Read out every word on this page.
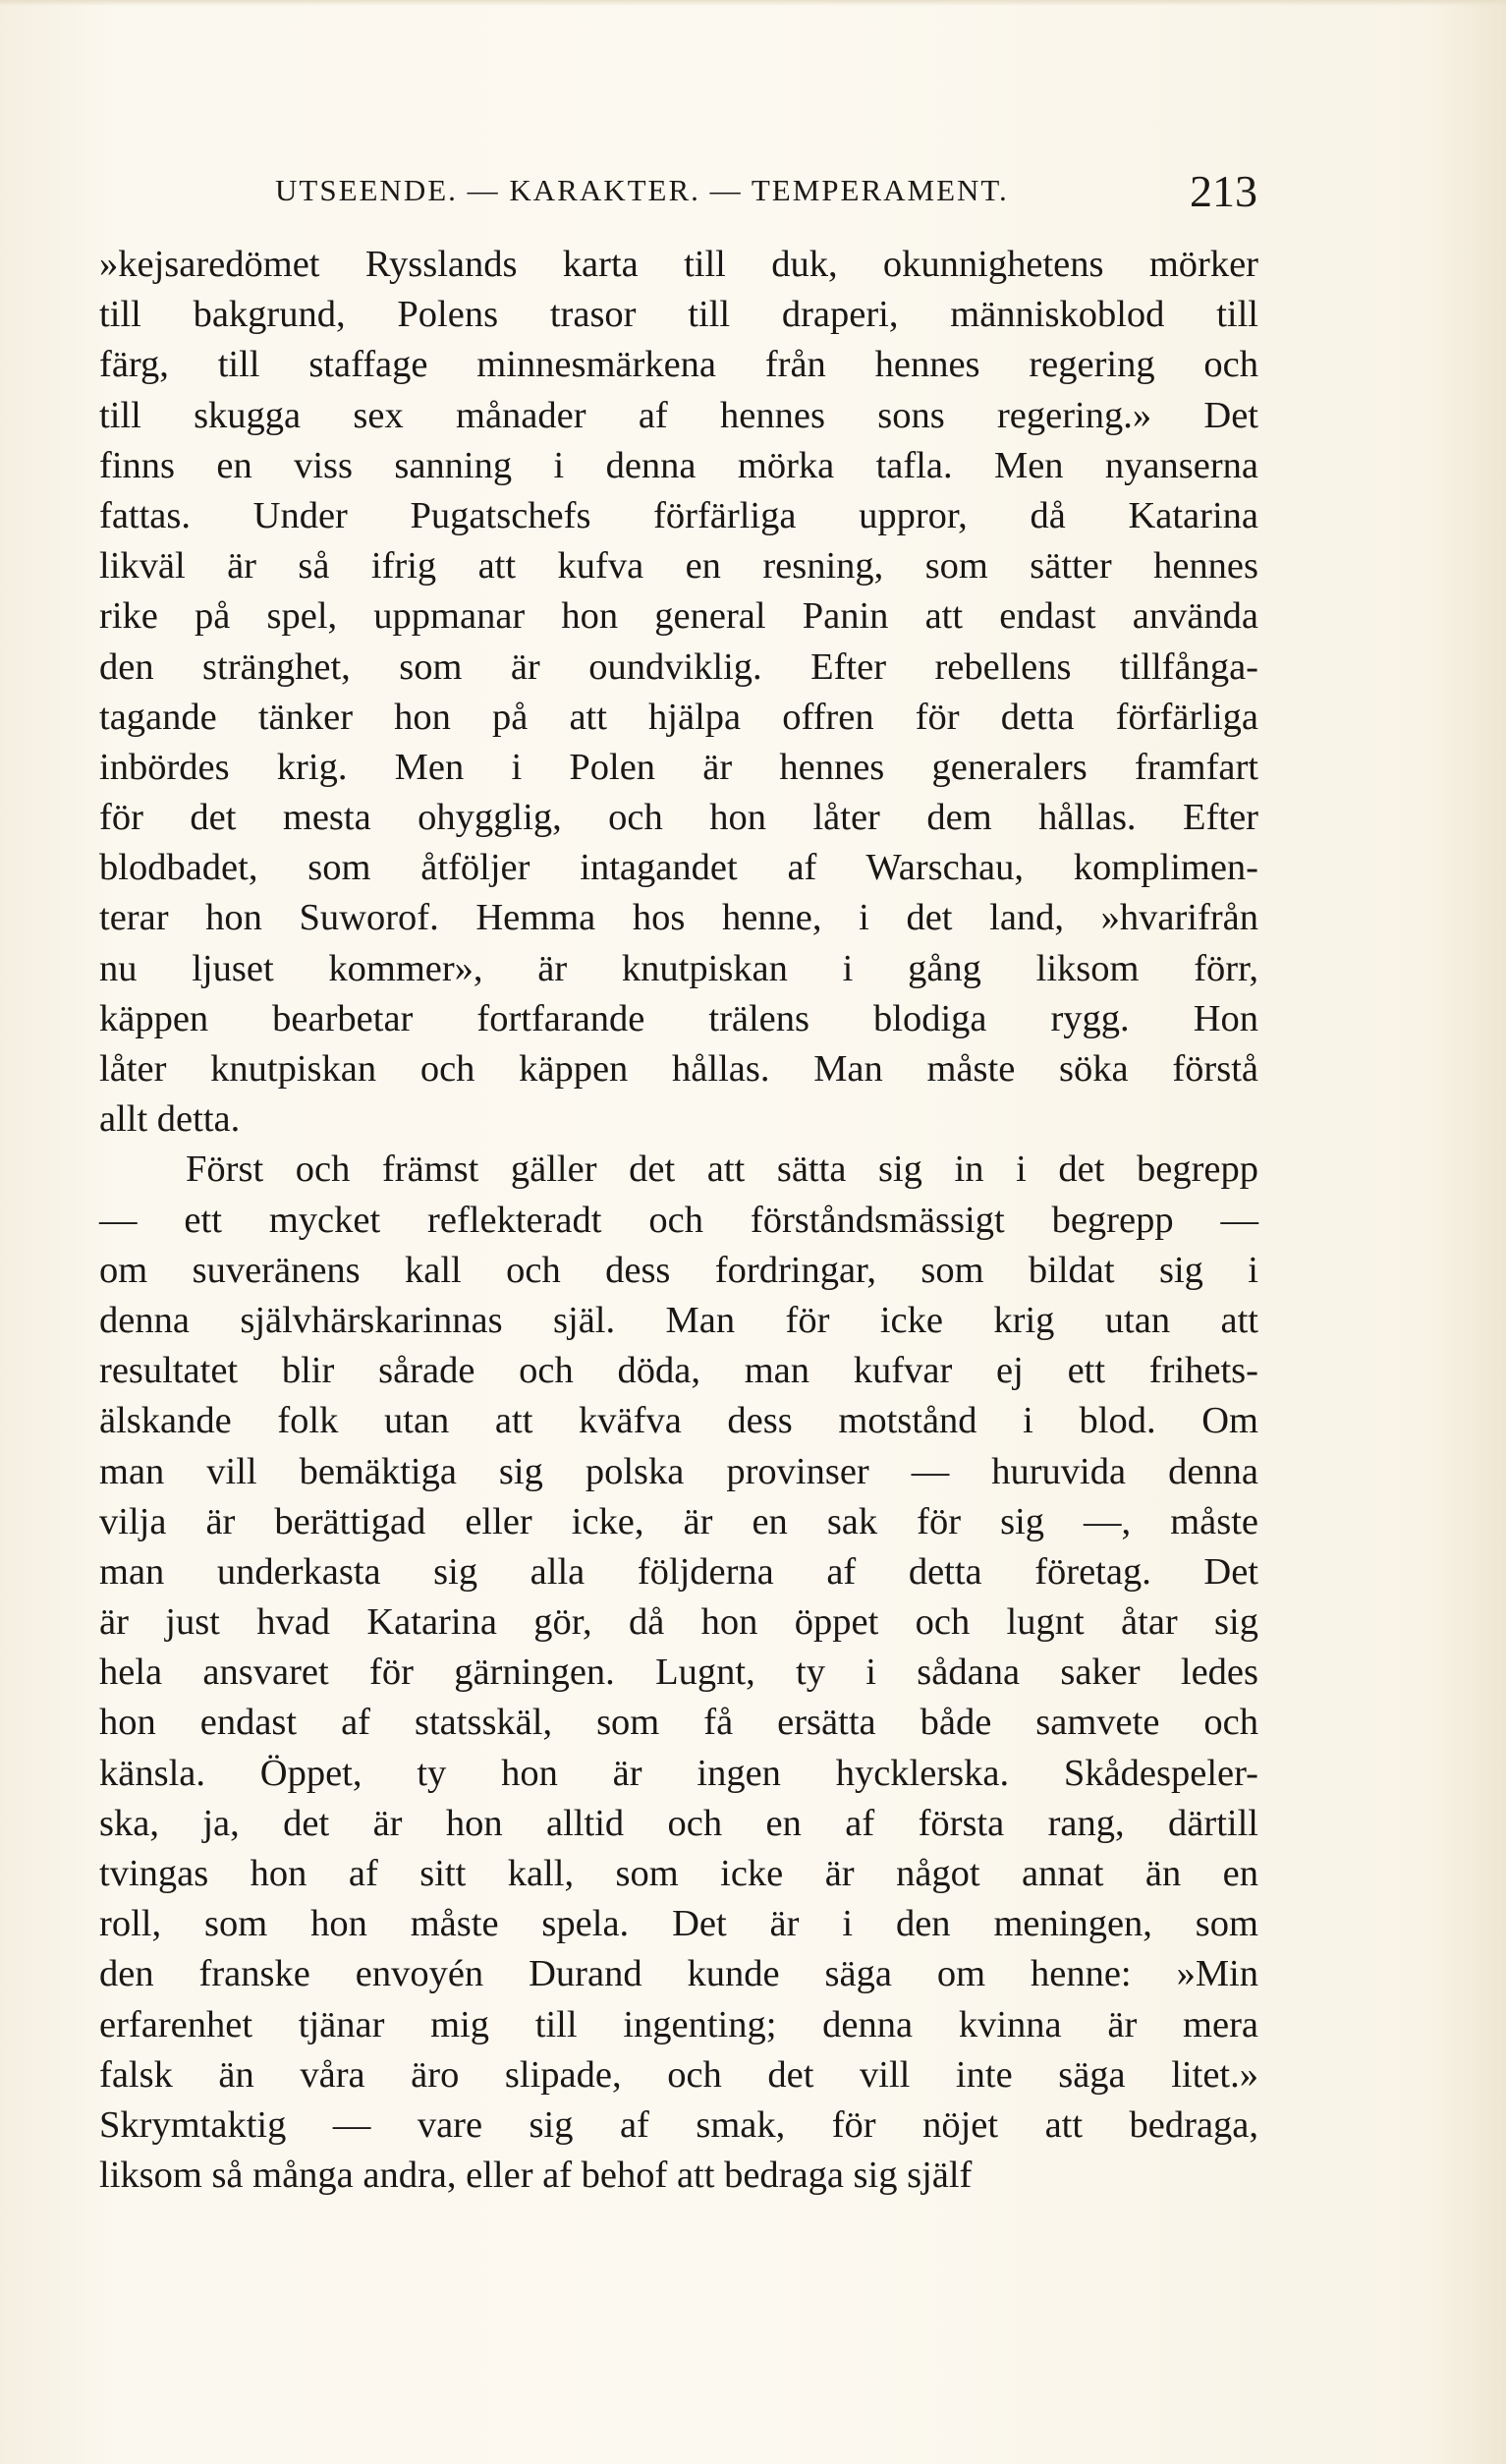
UTSEENDE. — KARAKTER. — TEMPERAMENT.	213
»kejsaredömet Rysslands karta till duk, okunnighetens mörker
till bakgrund, Polens trasor till draperi, människoblod till
färg, till staffage minnesmärkena från hennes regering och
till skugga sex månader af hennes sons regering.» Det
finns en viss sanning i denna mörka tafla. Men nyanserna
fattas. Under Pugatschefs förfärliga uppror, då Katarina
likväl är så ifrig att kufva en resning, som sätter hennes
rike på spel, uppmanar hon general Panin att endast använda
den stränghet, som är oundviklig. Efter rebellens tillfånga-
tagande tänker hon på att hjälpa offren för detta förfärliga
inbördes krig. Men i Polen är hennes generalers framfart
för det mesta ohygglig, och hon låter dem hållas. Efter
blodbadet, som åtföljer intagandet af Warschau, komplimen-
terar hon Suworof. Hemma hos henne, i det land, »hvarifrån
nu ljuset kommer», är knutpiskan i gång liksom förr,
käppen bearbetar fortfarande trälens blodiga rygg. Hon
låter knutpiskan och käppen hållas. Man måste söka förstå
allt detta.
Först och främst gäller det att sätta sig in i det begrepp
— ett mycket reflekteradt och förståndsmässigt begrepp —
om suveränens kall och dess fordringar, som bildat sig i
denna självhärskarinnas själ. Man för icke krig utan att
resultatet blir sårade och döda, man kufvar ej ett frihets-
älskande folk utan att kväfva dess motstånd i blod. Om
man vill bemäktiga sig polska provinser — huruvida denna
vilja är berättigad eller icke, är en sak för sig —, måste
man underkasta sig alla följderna af detta företag. Det
är just hvad Katarina gör, då hon öppet och lugnt åtar sig
hela ansvaret för gärningen. Lugnt, ty i sådana saker ledes
hon endast af statsskäl, som få ersätta både samvete och
känsla. Öppet, ty hon är ingen hycklerska. Skådespeler-
ska, ja, det är hon alltid och en af första rang, därtill
tvingas hon af sitt kall, som icke är något annat än en
roll, som hon måste spela. Det är i den meningen, som
den franske envoyén Durand kunde säga om henne: »Min
erfarenhet tjänar mig till ingenting; denna kvinna är mera
falsk än våra äro slipade, och det vill inte säga litet.»
Skrymtaktig — vare sig af smak, för nöjet att bedraga,
liksom så många andra, eller af behof att bedraga sig själf
